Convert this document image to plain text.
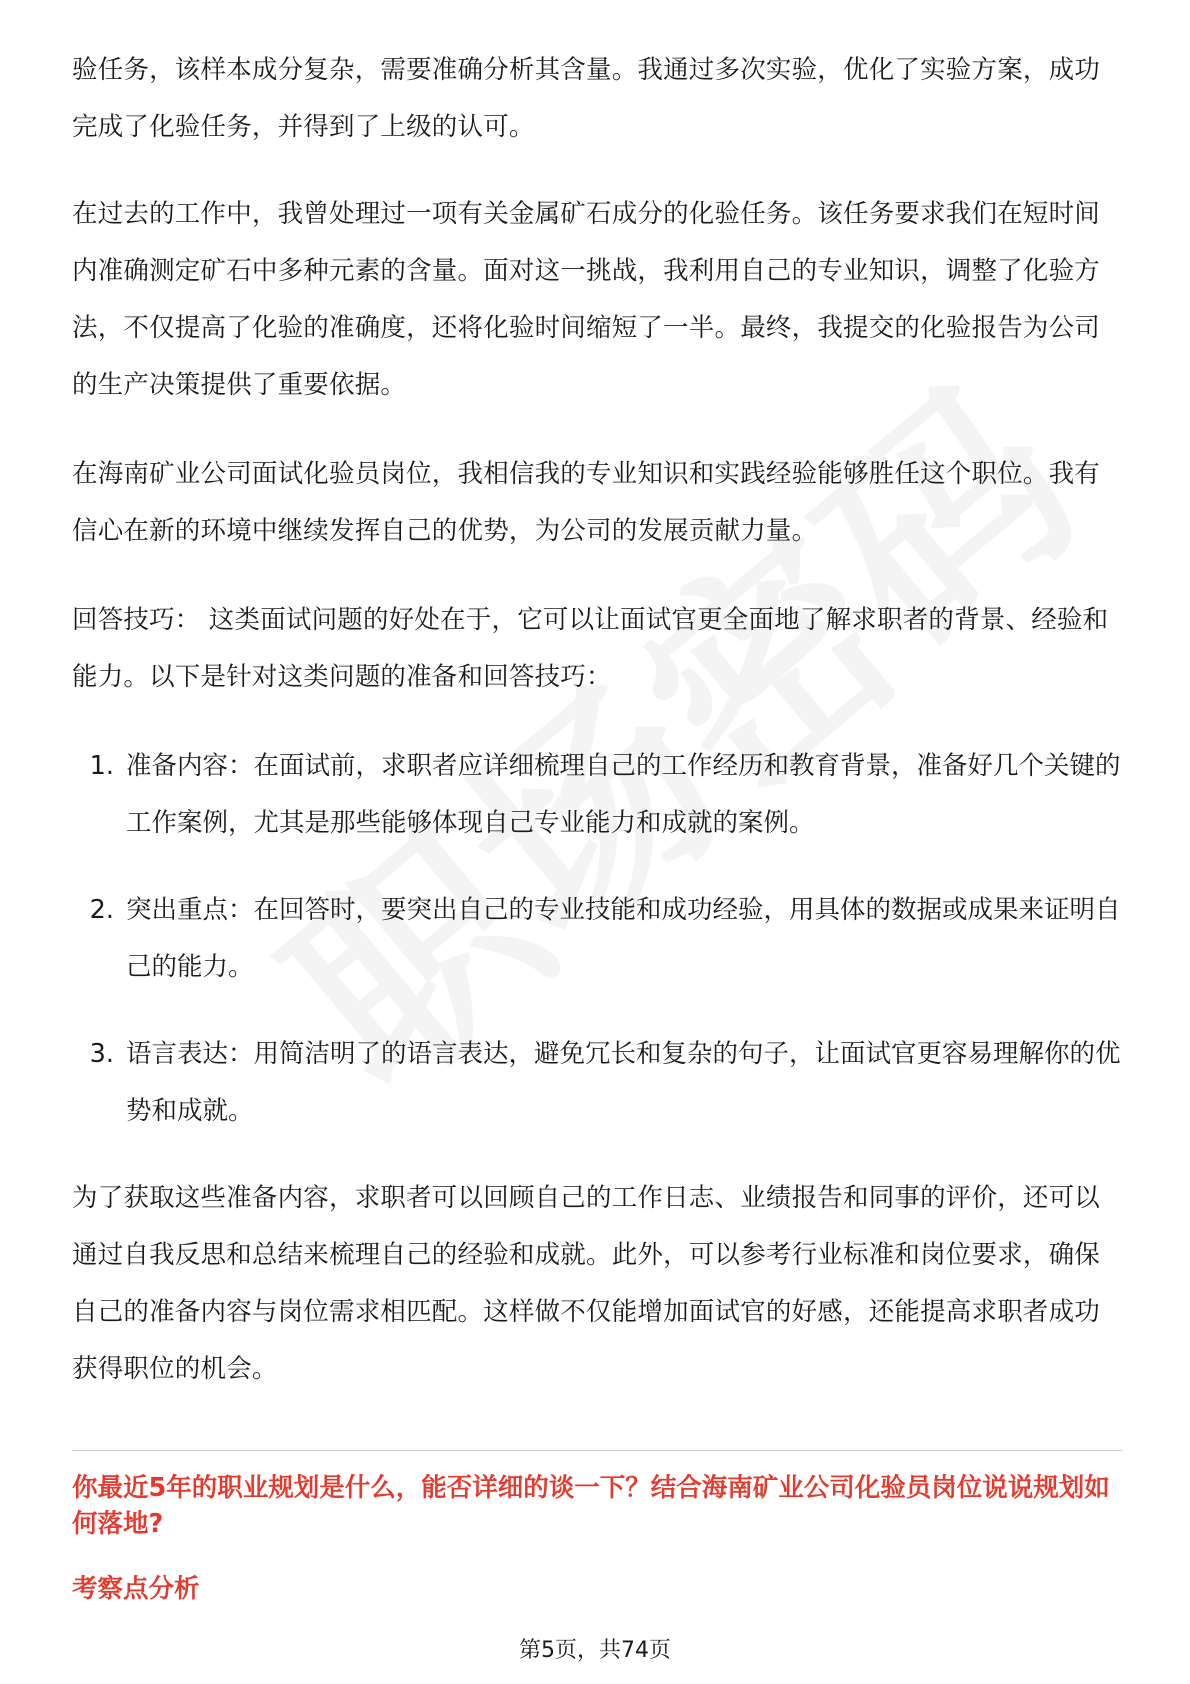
验任务，该样本成分复杂，需要准确分析其含量。我通过多次实验，优化了实验方案，成功完成了化验任务，并得到了上级的认可。

在过去的工作中，我曾处理过一项有关金属矿石成分的化验任务。该任务要求我们在短时间内准确测定矿石中多种元素的含量。面对这一挑战，我利用自己的专业知识，调整了化验方法，不仅提高了化验的准确度，还将化验时间缩短了一半。最终，我提交的化验报告为公司的生产决策提供了重要依据。

在海南矿业公司面试化验员岗位，我相信我的专业知识和实践经验能够胜任这个职位。我有信心在新的环境中继续发挥自己的优势，为公司的发展贡献力量。

回答技巧： 这类面试问题的好处在于，它可以让面试官更全面地了解求职者的背景、经验和能力。以下是针对这类问题的准备和回答技巧：

1. 准备内容：在面试前，求职者应详细梳理自己的工作经历和教育背景，准备好几个关键的工作案例，尤其是那些能够体现自己专业能力和成就的案例。
2. 突出重点：在回答时，要突出自己的专业技能和成功经验，用具体的数据或成果来证明自己的能力。
3. 语言表达：用简洁明了的语言表达，避免冗长和复杂的句子，让面试官更容易理解你的优势和成就。

为了获取这些准备内容，求职者可以回顾自己的工作日志、业绩报告和同事的评价，还可以通过自我反思和总结来梳理自己的经验和成就。此外，可以参考行业标准和岗位要求，确保自己的准备内容与岗位需求相匹配。这样做不仅能增加面试官的好感，还能提高求职者成功获得职位的机会。

你最近5年的职业规划是什么，能否详细的谈一下？结合海南矿业公司化验员岗位说说规划如何落地?

考察点分析

第5页，共74页
